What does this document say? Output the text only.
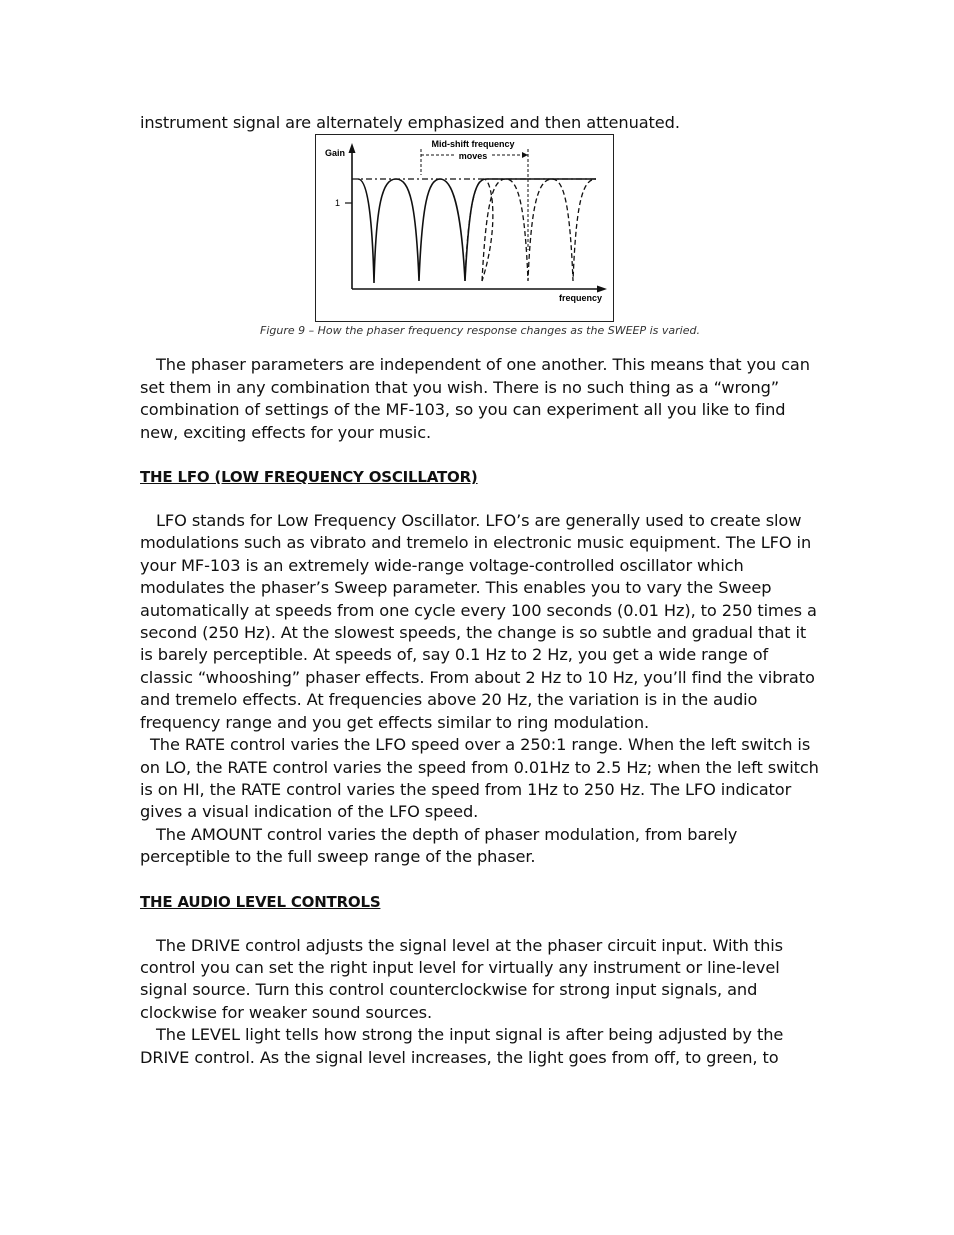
instrument signal are alternately emphasized and then attenuated.

1
Gain
frequency
Mid-shift frequency
moves
Figure 9 – How the phaser frequency response changes as the SWEEP is varied.

The phaser parameters are independent of one another. This means that you can set them in any combination that you wish. There is no such thing as a “wrong” combination of settings of the MF-103, so you can experiment all you like to find new, exciting effects for your music.

THE LFO (LOW FREQUENCY OSCILLATOR)

LFO stands for Low Frequency Oscillator. LFO’s are generally used to create slow modulations such as vibrato and tremelo in electronic music equipment. The LFO in your MF-103 is an extremely wide-range voltage-controlled oscillator which modulates the phaser’s Sweep parameter. This enables you to vary the Sweep automatically at speeds from one cycle every 100 seconds (0.01 Hz), to 250 times a second (250 Hz). At the slowest speeds, the change is so subtle and gradual that it is barely perceptible. At speeds of, say 0.1 Hz to 2 Hz, you get a wide range of classic “whooshing” phaser effects. From about 2 Hz to 10 Hz, you’ll find the vibrato and tremelo effects. At frequencies above 20 Hz, the variation is in the audio frequency range and you get effects similar to ring modulation.

The RATE control varies the LFO speed over a 250:1 range. When the left switch is on LO, the RATE control varies the speed from 0.01Hz to 2.5 Hz; when the left switch is on HI, the RATE control varies the speed from 1Hz to 250 Hz. The LFO indicator gives a visual indication of the LFO speed.

The AMOUNT control varies the depth of phaser modulation, from barely perceptible to the full sweep range of the phaser.

THE AUDIO LEVEL CONTROLS

The DRIVE control adjusts the signal level at the phaser circuit input. With this control you can set the right input level for virtually any instrument or line-level signal source. Turn this control counterclockwise for strong input signals, and clockwise for weaker sound sources.

The LEVEL light tells how strong the input signal is after being adjusted by the DRIVE control. As the signal level increases, the light goes from off, to green, to
